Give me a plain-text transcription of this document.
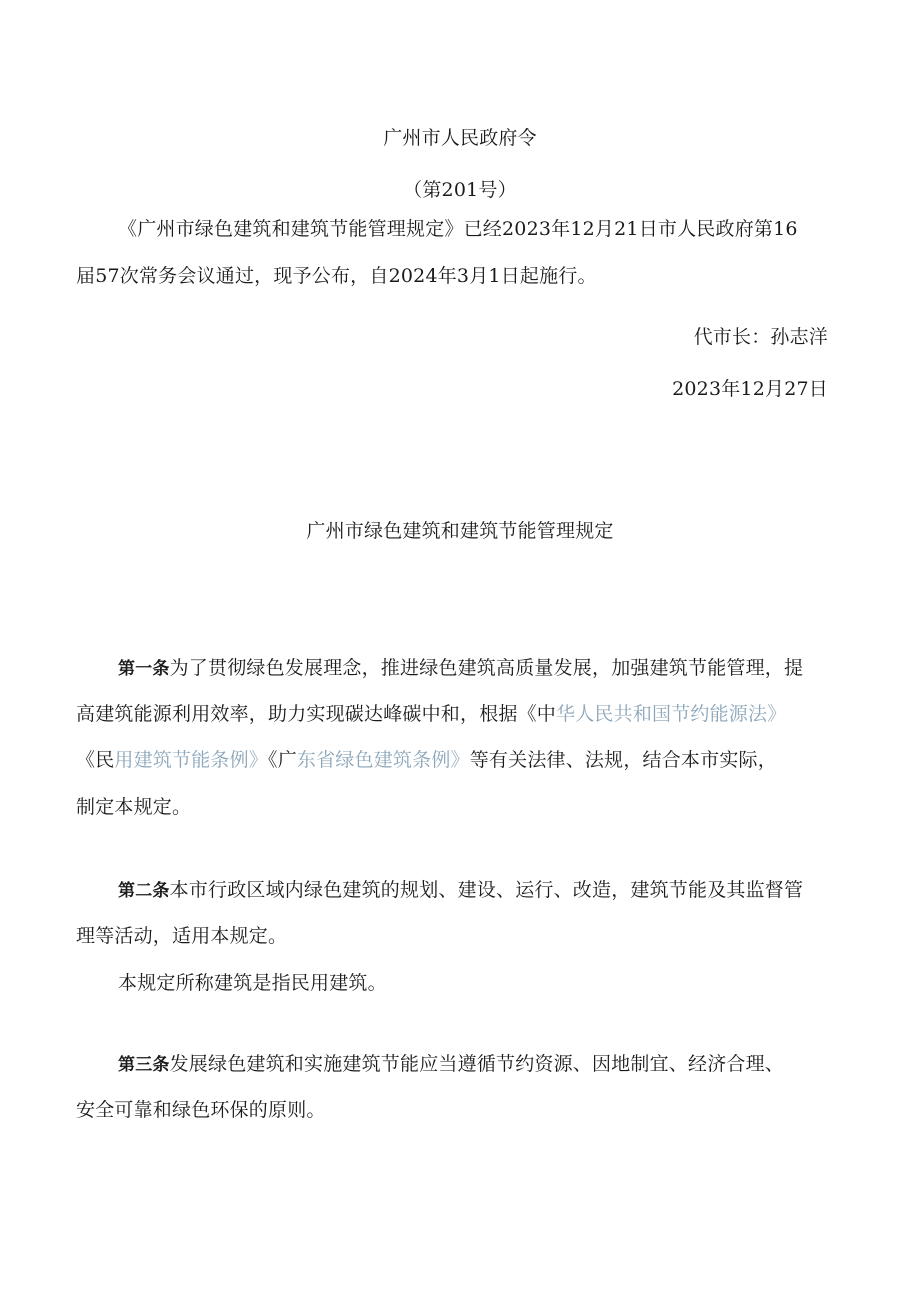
广州市人民政府令
（第201号）
《广州市绿色建筑和建筑节能管理规定》已经2023年12月21日市人民政府第16
届57次常务会议通过，现予公布，自2024年3月1日起施行。
代市长：孙志洋
2023年12月27日
广州市绿色建筑和建筑节能管理规定
第一条为了贯彻绿色发展理念，推进绿色建筑高质量发展，加强建筑节能管理，提
高建筑能源利用效率，助力实现碳达峰碳中和，根据《中华人民共和国节约能源法》
《民用建筑节能条例》《广东省绿色建筑条例》等有关法律、法规，结合本市实际，
制定本规定。
第二条本市行政区域内绿色建筑的规划、建设、运行、改造，建筑节能及其监督管
理等活动，适用本规定。
本规定所称建筑是指民用建筑。
第三条发展绿色建筑和实施建筑节能应当遵循节约资源、因地制宜、经济合理、
安全可靠和绿色环保的原则。
